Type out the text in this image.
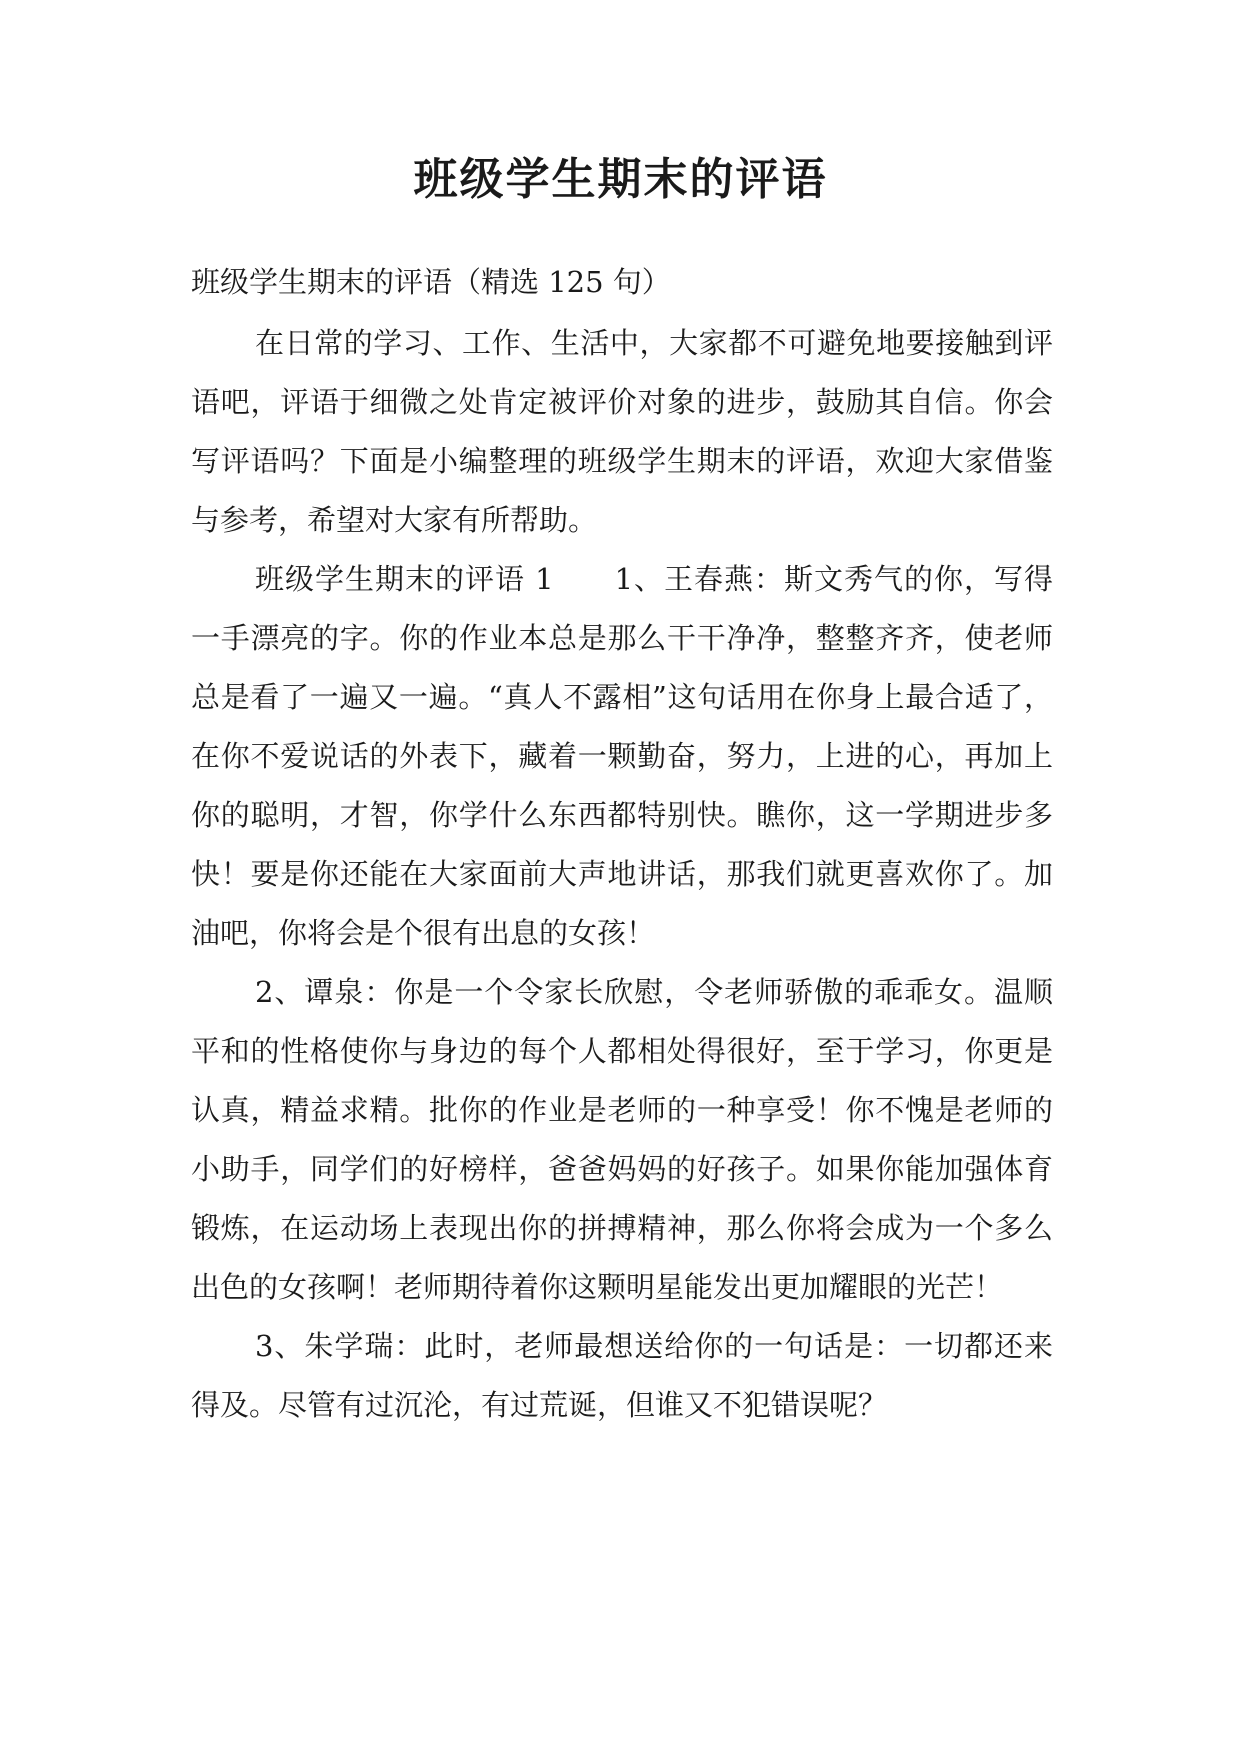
班级学生期末的评语

班级学生期末的评语（精选 125 句）

在日常的学习、工作、生活中，大家都不可避免地要接触到评语吧，评语于细微之处肯定被评价对象的进步，鼓励其自信。你会写评语吗？下面是小编整理的班级学生期末的评语，欢迎大家借鉴与参考，希望对大家有所帮助。

班级学生期末的评语 1　　1、王春燕：斯文秀气的你，写得一手漂亮的字。你的作业本总是那么干干净净，整整齐齐，使老师总是看了一遍又一遍。“真人不露相”这句话用在你身上最合适了，在你不爱说话的外表下，藏着一颗勤奋，努力，上进的心，再加上你的聪明，才智，你学什么东西都特别快。瞧你，这一学期进步多快！要是你还能在大家面前大声地讲话，那我们就更喜欢你了。加油吧，你将会是个很有出息的女孩！

2、谭泉：你是一个令家长欣慰，令老师骄傲的乖乖女。温顺平和的性格使你与身边的每个人都相处得很好，至于学习，你更是认真，精益求精。批你的作业是老师的一种享受！你不愧是老师的小助手，同学们的好榜样，爸爸妈妈的好孩子。如果你能加强体育锻炼，在运动场上表现出你的拼搏精神，那么你将会成为一个多么出色的女孩啊！老师期待着你这颗明星能发出更加耀眼的光芒！

3、朱学瑞：此时，老师最想送给你的一句话是：一切都还来得及。尽管有过沉沦，有过荒诞，但谁又不犯错误呢？
